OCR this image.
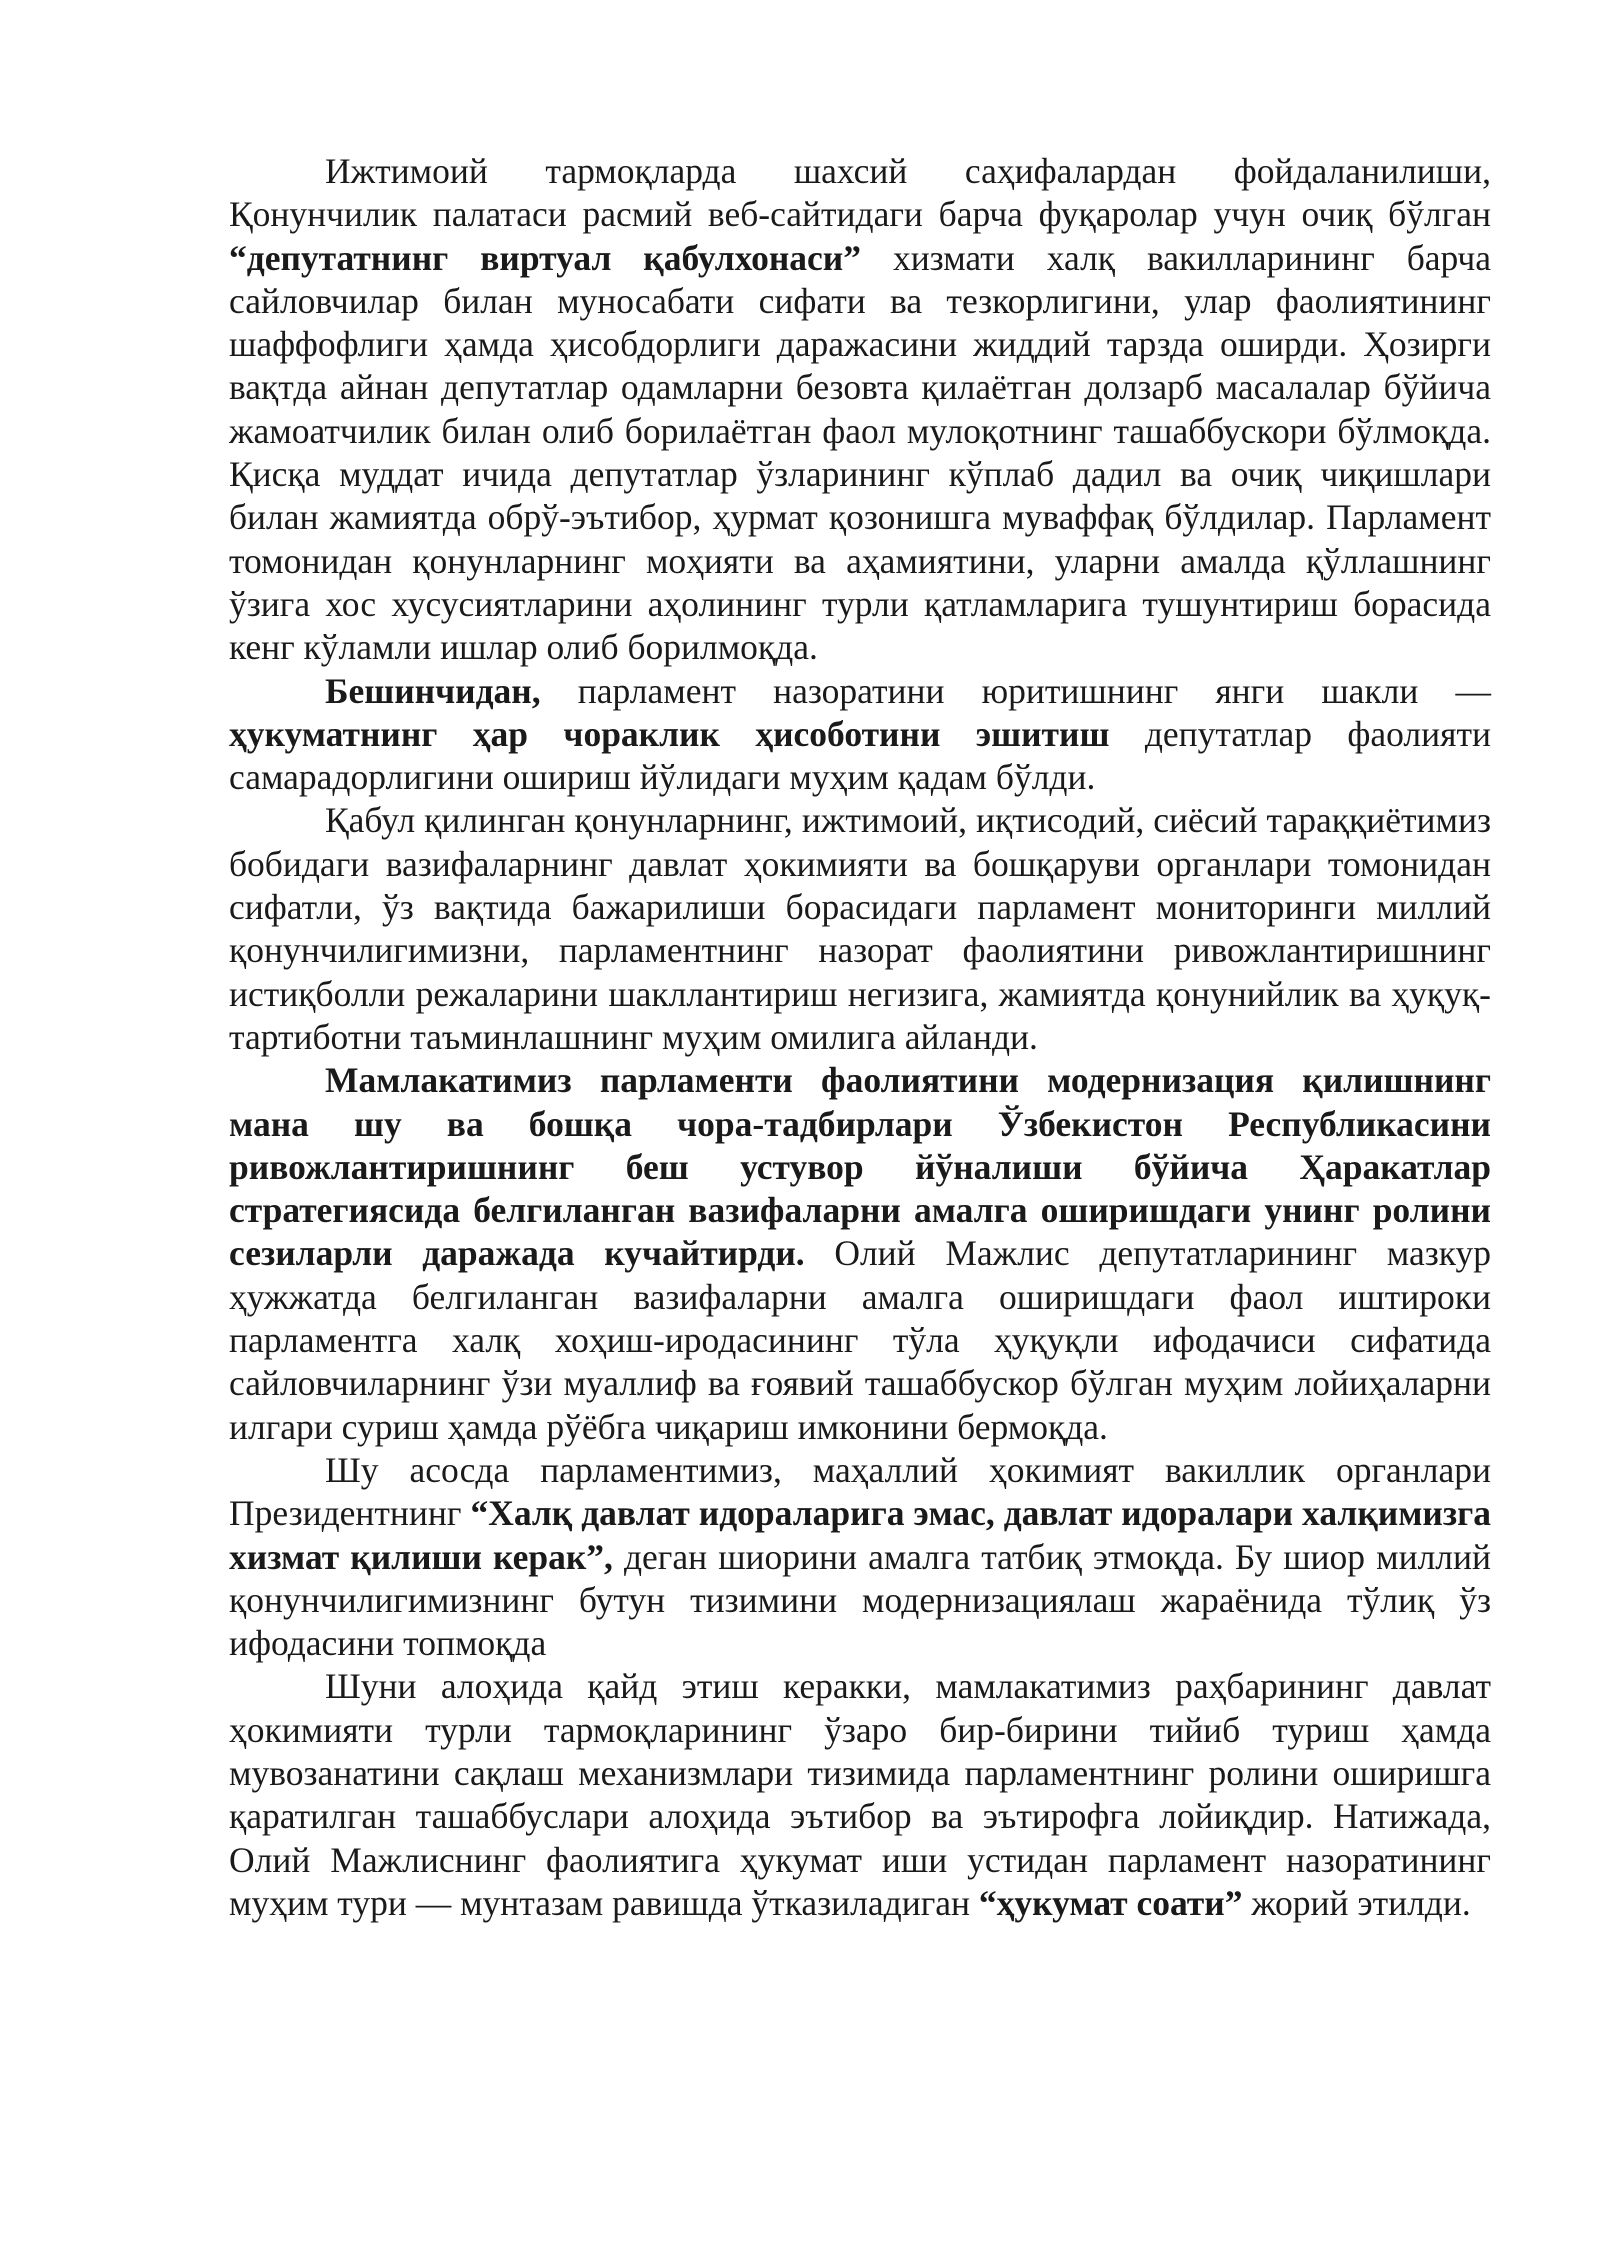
Ижтимоий тармоқларда шахсий саҳифалардан фойдаланилиши, Қонунчилик палатаси расмий веб-сайтидаги барча фуқаролар учун очиқ бўлган “депутатнинг виртуал қабулхонаси” хизмати халқ вакилларининг барча сайловчилар билан муносабати сифати ва тезкорлигини, улар фаолиятининг шаффофлиги ҳамда ҳисобдорлиги даражасини жиддий тарзда оширди. Ҳозирги вақтда айнан депутатлар одамларни безовта қилаётган долзарб масалалар бўйича жамоатчилик билан олиб борилаётган фаол мулоқотнинг ташаббускори бўлмоқда. Қисқа муддат ичида депутатлар ўзларининг кўплаб дадил ва очиқ чиқишлари билан жамиятда обрў-эътибор, ҳурмат қозонишга муваффақ бўлдилар. Парламент томонидан қонунларнинг моҳияти ва аҳамиятини, уларни амалда қўллашнинг ўзига хос хусусиятларини аҳолининг турли қатламларига тушунтириш борасида кенг кўламли ишлар олиб борилмоқда.

Бешинчидан, парламент назоратини юритишнинг янги шакли — ҳукуматнинг ҳар чораклик ҳисоботини эшитиш депутатлар фаолияти самарадорлигини ошириш йўлидаги муҳим қадам бўлди.

Қабул қилинган қонунларнинг, ижтимоий, иқтисодий, сиёсий тараққиётимиз бобидаги вазифаларнинг давлат ҳокимияти ва бошқаруви органлари томонидан сифатли, ўз вақтида бажарилиши борасидаги парламент мониторинги миллий қонунчилигимизни, парламентнинг назорат фаолиятини ривожлантиришнинг истиқболли режаларини шакллантириш негизига, жамиятда қонунийлик ва ҳуқуқ-тартиботни таъминлашнинг муҳим омилига айланди.

Мамлакатимиз парламенти фаолиятини модернизация қилишнинг мана шу ва бошқа чора-тадбирлари Ўзбекистон Республикасини ривожлантиришнинг беш устувор йўналиши бўйича Ҳаракатлар стратегиясида белгиланган вазифаларни амалга оширишдаги унинг ролини сезиларли даражада кучайтирди. Олий Мажлис депутатларининг мазкур ҳужжатда белгиланган вазифаларни амалга оширишдаги фаол иштироки парламентга халқ хоҳиш-иродасининг тўла ҳуқуқли ифодачиси сифатида сайловчиларнинг ўзи муаллиф ва ғоявий ташаббускор бўлган муҳим лойиҳаларни илгари суриш ҳамда рўёбга чиқариш имконини бермоқда.

Шу асосда парламентимиз, маҳаллий ҳокимият вакиллик органлари Президентнинг “Халқ давлат идораларига эмас, давлат идоралари халқимизга хизмат қилиши керак”, деган шиорини амалга татбиқ этмоқда. Бу шиор миллий қонунчилигимизнинг бутун тизимини модернизациялаш жараёнида тўлиқ ўз ифодасини топмоқда

Шуни алоҳида қайд этиш керакки, мамлакатимиз раҳбарининг давлат ҳокимияти турли тармоқларининг ўзаро бир-бирини тийиб туриш ҳамда мувозанатини сақлаш механизмлари тизимида парламентнинг ролини оширишга қаратилган ташаббуслари алоҳида эътибор ва эътирофга лойиқдир. Натижада, Олий Мажлиснинг фаолиятига ҳукумат иши устидан парламент назоратининг муҳим тури — мунтазам равишда ўтказиладиган “ҳукумат соати” жорий этилди.
